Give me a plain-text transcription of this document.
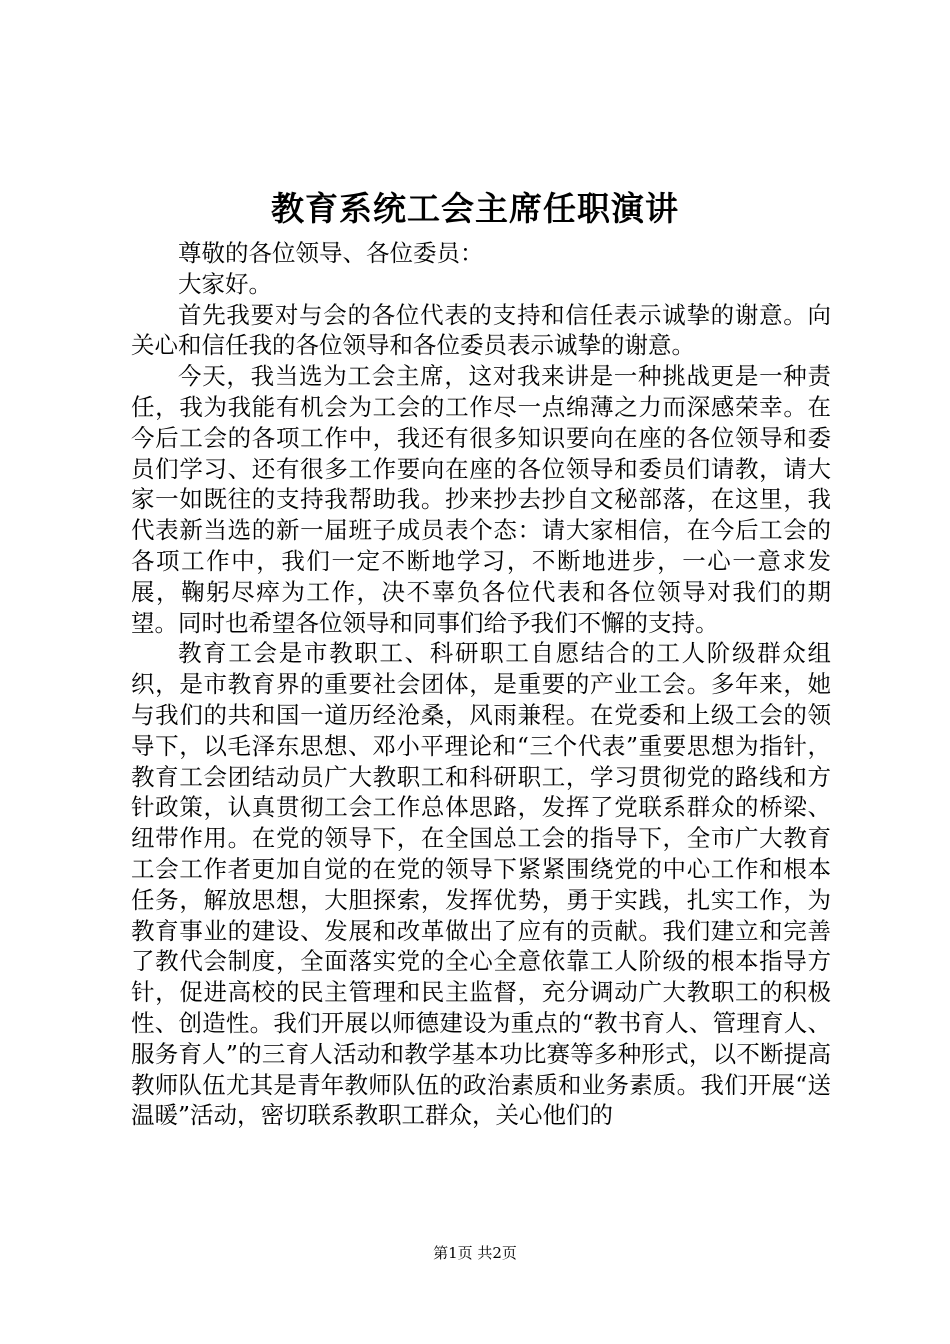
教育系统工会主席任职演讲

尊敬的各位领导、各位委员：

大家好。

首先我要对与会的各位代表的支持和信任表示诚挚的谢意。向关心和信任我的各位领导和各位委员表示诚挚的谢意。

今天，我当选为工会主席，这对我来讲是一种挑战更是一种责任，我为我能有机会为工会的工作尽一点绵薄之力而深感荣幸。在今后工会的各项工作中，我还有很多知识要向在座的各位领导和委员们学习、还有很多工作要向在座的各位领导和委员们请教，请大家一如既往的支持我帮助我。抄来抄去抄自文秘部落，在这里，我代表新当选的新一届班子成员表个态：请大家相信，在今后工会的各项工作中，我们一定不断地学习，不断地进步，一心一意求发展，鞠躬尽瘁为工作，决不辜负各位代表和各位领导对我们的期望。同时也希望各位领导和同事们给予我们不懈的支持。

教育工会是市教职工、科研职工自愿结合的工人阶级群众组织，是市教育界的重要社会团体，是重要的产业工会。多年来，她与我们的共和国一道历经沧桑，风雨兼程。在党委和上级工会的领导下，以毛泽东思想、邓小平理论和“三个代表”重要思想为指针，教育工会团结动员广大教职工和科研职工，学习贯彻党的路线和方针政策，认真贯彻工会工作总体思路，发挥了党联系群众的桥梁、纽带作用。在党的领导下，在全国总工会的指导下，全市广大教育工会工作者更加自觉的在党的领导下紧紧围绕党的中心工作和根本任务，解放思想，大胆探索，发挥优势，勇于实践，扎实工作，为教育事业的建设、发展和改革做出了应有的贡献。我们建立和完善了教代会制度，全面落实党的全心全意依靠工人阶级的根本指导方针，促进高校的民主管理和民主监督，充分调动广大教职工的积极性、创造性。我们开展以师德建设为重点的“教书育人、管理育人、服务育人”的三育人活动和教学基本功比赛等多种形式，以不断提高教师队伍尤其是青年教师队伍的政治素质和业务素质。我们开展“送温暖”活动，密切联系教职工群众，关心他们的

第1页 共2页
